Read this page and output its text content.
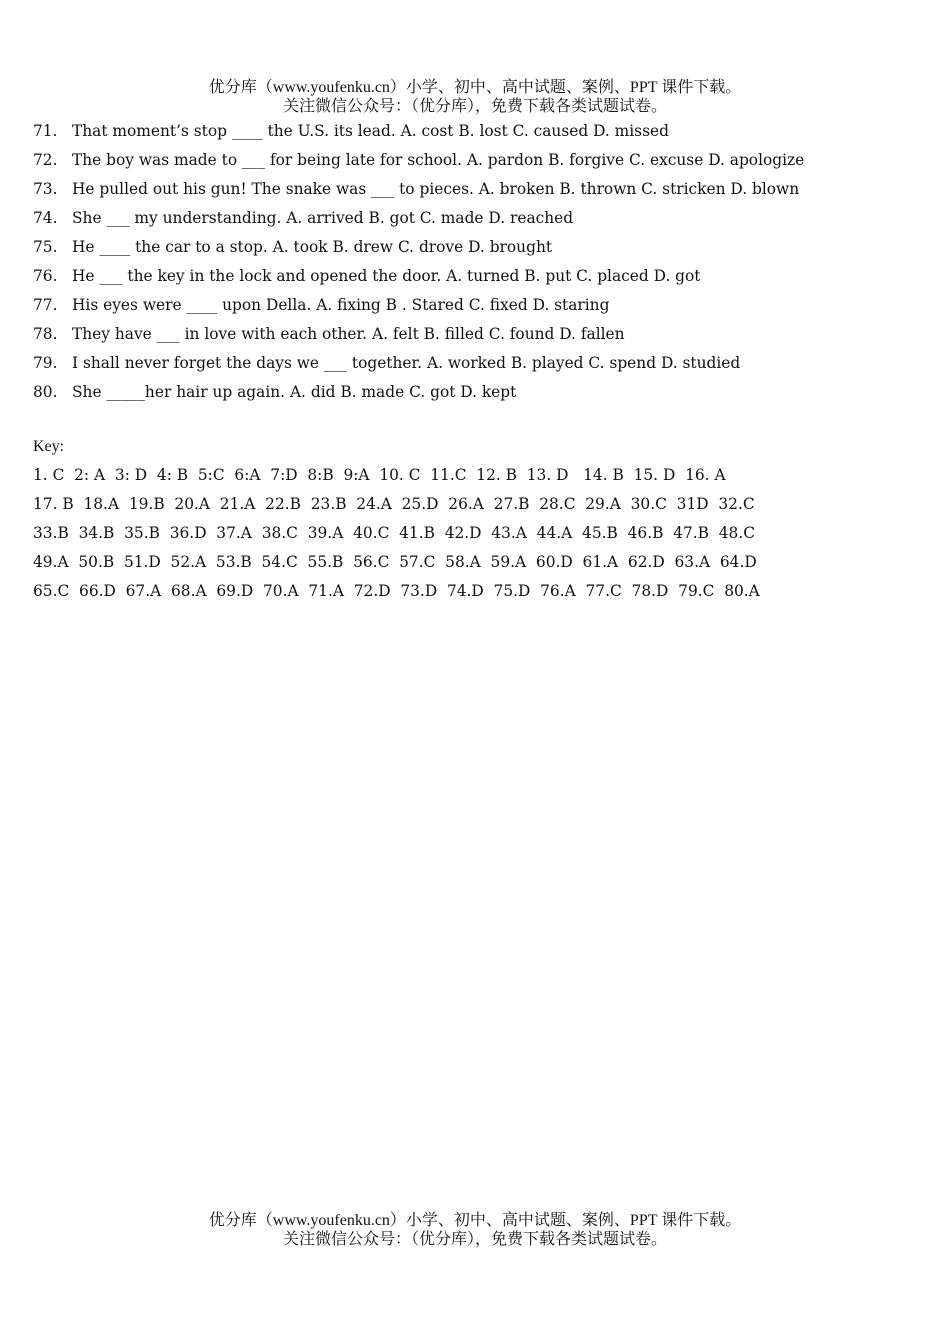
优分库（www.youfenku.cn）小学、初中、高中试题、案例、PPT 课件下载。
关注微信公众号：（优分库），免费下载各类试题试卷。
71. That moment’s stop ____ the U.S. its lead. A. cost B. lost C. caused D. missed
72. The boy was made to ___ for being late for school. A. pardon B. forgive C. excuse D. apologize
73. He pulled out his gun! The snake was ___ to pieces. A. broken B. thrown C. stricken D. blown
74. She ___ my understanding. A. arrived B. got C. made D. reached
75. He ____ the car to a stop. A. took B. drew C. drove D. brought
76. He ___ the key in the lock and opened the door. A. turned B. put C. placed D. got
77. His eyes were ____ upon Della. A. fixing B . Stared C. fixed D. staring
78. They have ___ in love with each other. A. felt B. filled C. found D. fallen
79. I shall never forget the days we ___ together. A. worked B. played C. spend D. studied
80. She _____her hair up again. A. did B. made C. got D. kept
Key:
1. C  2: A  3: D  4: B  5:C  6:A  7:D  8:B  9:A  10. C  11.C  12. B  13. D   14. B  15. D  16. A
17. B  18.A  19.B  20.A  21.A  22.B  23.B  24.A  25.D  26.A  27.B  28.C  29.A  30.C  31D  32.C
33.B  34.B  35.B  36.D  37.A  38.C  39.A  40.C  41.B  42.D  43.A  44.A  45.B  46.B  47.B  48.C
49.A  50.B  51.D  52.A  53.B  54.C  55.B  56.C  57.C  58.A  59.A  60.D  61.A  62.D  63.A  64.D
65.C  66.D  67.A  68.A  69.D  70.A  71.A  72.D  73.D  74.D  75.D  76.A  77.C  78.D  79.C  80.A
优分库（www.youfenku.cn）小学、初中、高中试题、案例、PPT 课件下载。
关注微信公众号：（优分库），免费下载各类试题试卷。
